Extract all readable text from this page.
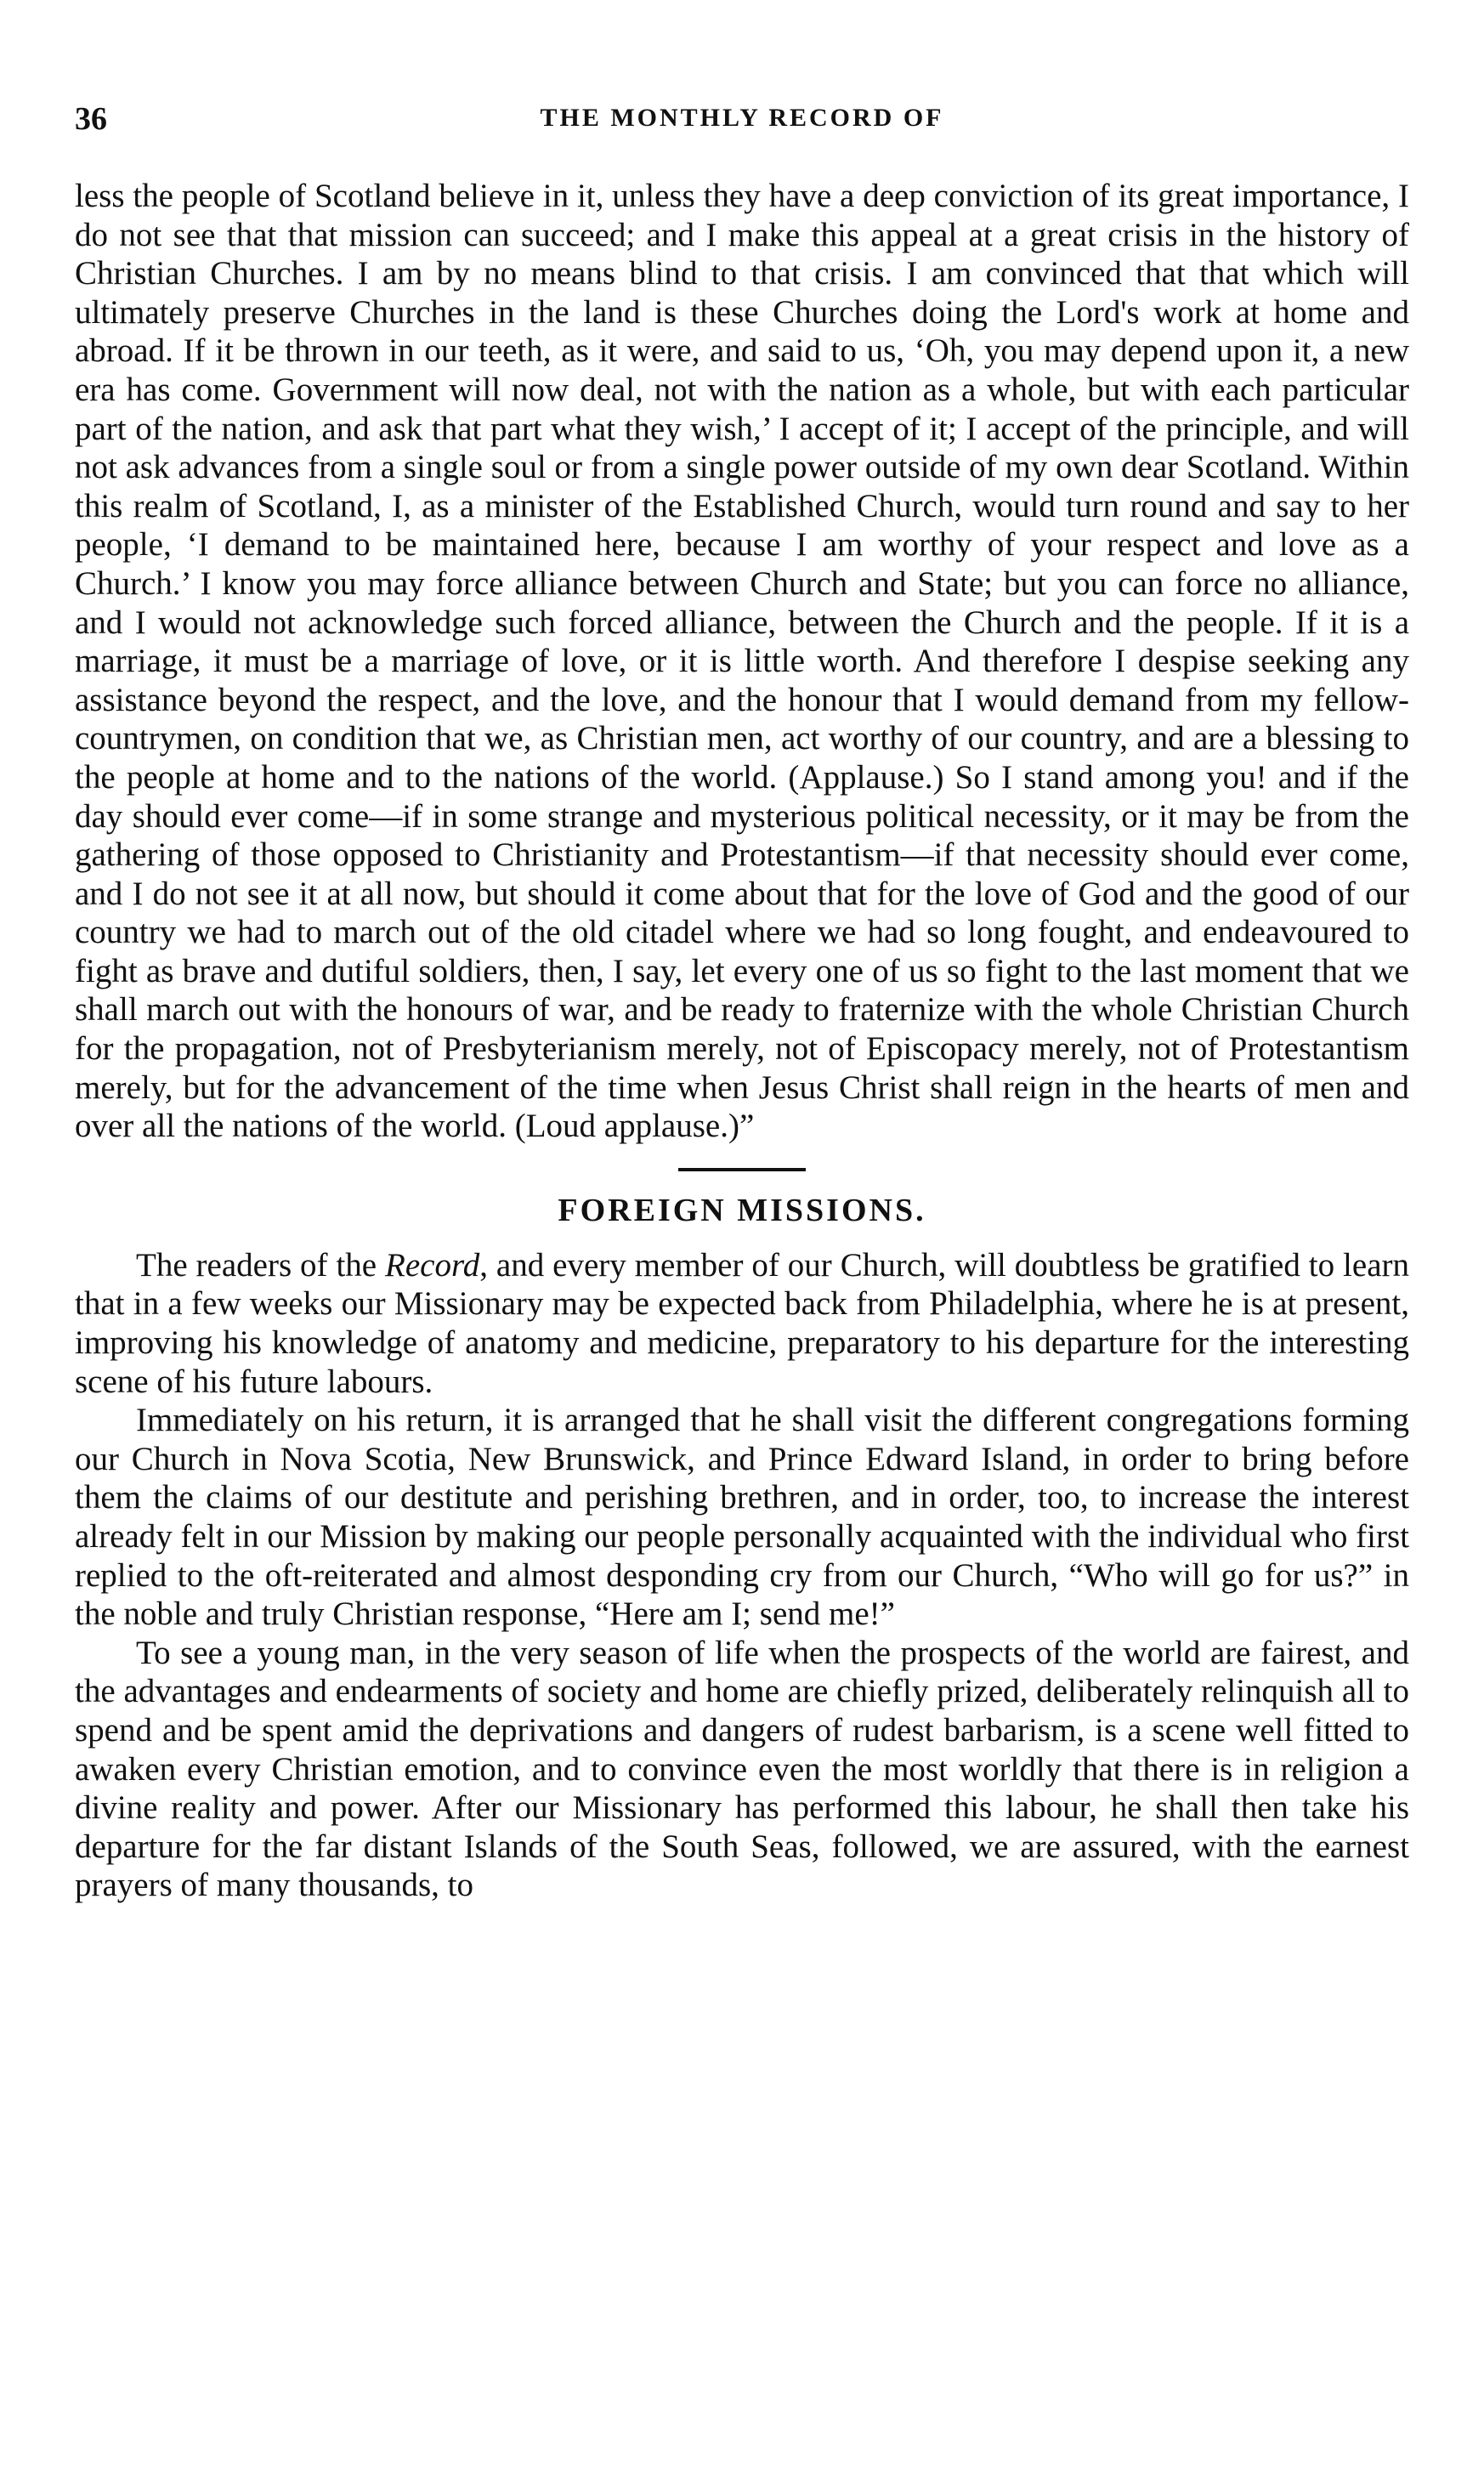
36	THE MONTHLY RECORD OF

less the people of Scotland believe in it, unless they have a deep conviction of its great importance, I do not see that that mission can succeed; and I make this appeal at a great crisis in the history of Christian Churches. I am by no means blind to that crisis. I am convinced that that which will ultimately preserve Churches in the land is these Churches doing the Lord's work at home and abroad. If it be thrown in our teeth, as it were, and said to us, ‘Oh, you may depend upon it, a new era has come. Government will now deal, not with the nation as a whole, but with each particular part of the nation, and ask that part what they wish,’ I accept of it; I accept of the principle, and will not ask advances from a single soul or from a single power outside of my own dear Scotland. Within this realm of Scotland, I, as a minister of the Established Church, would turn round and say to her people, ‘I demand to be maintained here, because I am worthy of your respect and love as a Church.’ I know you may force alliance between Church and State; but you can force no alliance, and I would not acknowledge such forced alliance, between the Church and the people. If it is a marriage, it must be a marriage of love, or it is little worth. And therefore I despise seeking any assistance beyond the respect, and the love, and the honour that I would demand from my fellow-countrymen, on condition that we, as Christian men, act worthy of our country, and are a blessing to the people at home and to the nations of the world. (Applause.) So I stand among you! and if the day should ever come—if in some strange and mysterious political necessity, or it may be from the gathering of those opposed to Christianity and Protestantism—if that necessity should ever come, and I do not see it at all now, but should it come about that for the love of God and the good of our country we had to march out of the old citadel where we had so long fought, and endeavoured to fight as brave and dutiful soldiers, then, I say, let every one of us so fight to the last moment that we shall march out with the honours of war, and be ready to fraternize with the whole Christian Church for the propagation, not of Presbyterianism merely, not of Episcopacy merely, not of Protestantism merely, but for the advancement of the time when Jesus Christ shall reign in the hearts of men and over all the nations of the world. (Loud applause.)”

FOREIGN MISSIONS.

The readers of the Record, and every member of our Church, will doubtless be gratified to learn that in a few weeks our Missionary may be expected back from Philadelphia, where he is at present, improving his knowledge of anatomy and medicine, preparatory to his departure for the interesting scene of his future labours.

Immediately on his return, it is arranged that he shall visit the different congregations forming our Church in Nova Scotia, New Brunswick, and Prince Edward Island, in order to bring before them the claims of our destitute and perishing brethren, and in order, too, to increase the interest already felt in our Mission by making our people personally acquainted with the individual who first replied to the oft-reiterated and almost desponding cry from our Church, “Who will go for us?” in the noble and truly Christian response, “Here am I; send me!”

To see a young man, in the very season of life when the prospects of the world are fairest, and the advantages and endearments of society and home are chiefly prized, deliberately relinquish all to spend and be spent amid the deprivations and dangers of rudest barbarism, is a scene well fitted to awaken every Christian emotion, and to convince even the most worldly that there is in religion a divine reality and power. After our Missionary has performed this labour, he shall then take his departure for the far distant Islands of the South Seas, followed, we are assured, with the earnest prayers of many thousands, to
